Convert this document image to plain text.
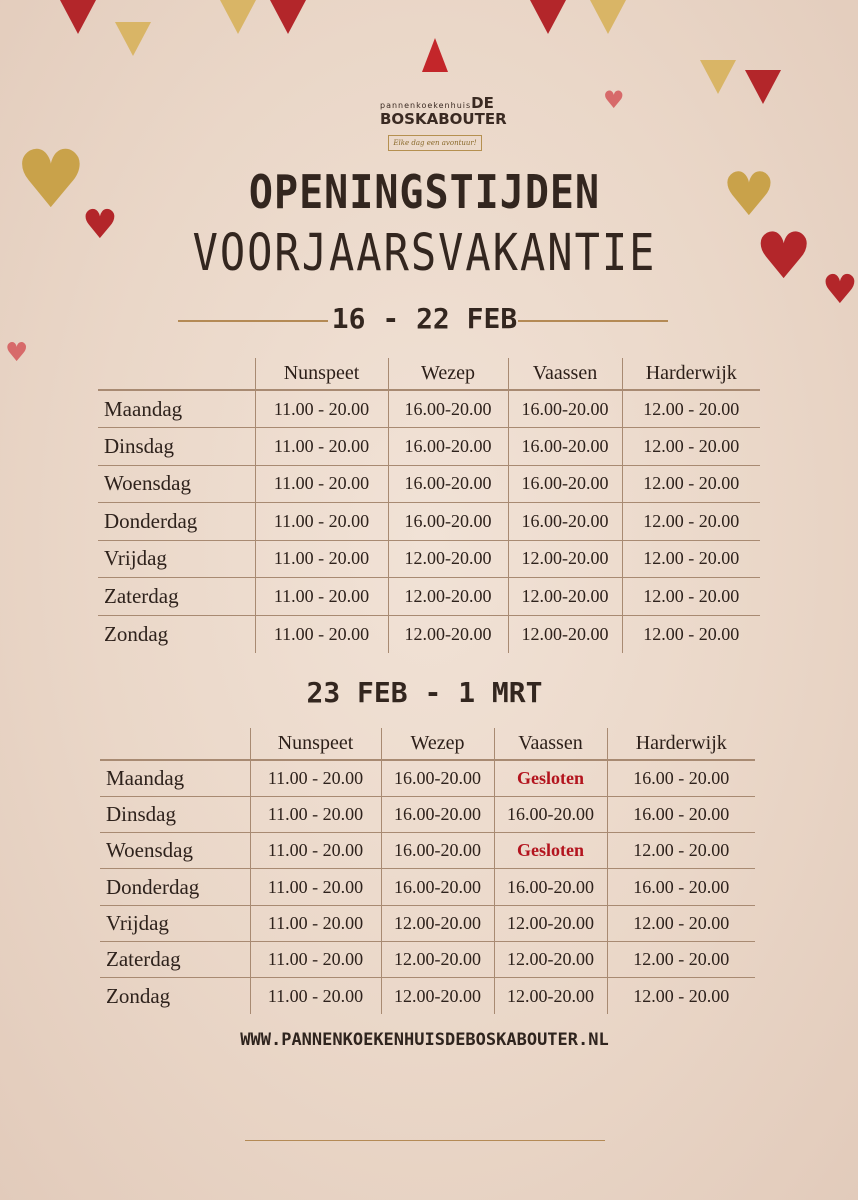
♥
♥	♥
♥ ♥
♥
♥
pannenkoekenhuisDE
BOSKABOUTER
Elke dag een avontuur!
OPENINGSTIJDEN
VOORJAARSVAKANTIE
16 - 22 FEB
	Nunspeet	Wezep	Vaassen	Harderwijk
Maandag	11.00 - 20.00	16.00-20.00	16.00-20.00	12.00 - 20.00
Dinsdag	11.00 - 20.00	16.00-20.00	16.00-20.00	12.00 - 20.00
Woensdag	11.00 - 20.00	16.00-20.00	16.00-20.00	12.00 - 20.00
Donderdag	11.00 - 20.00	16.00-20.00	16.00-20.00	12.00 - 20.00
Vrijdag	11.00 - 20.00	12.00-20.00	12.00-20.00	12.00 - 20.00
Zaterdag	11.00 - 20.00	12.00-20.00	12.00-20.00	12.00 - 20.00
Zondag	11.00 - 20.00	12.00-20.00	12.00-20.00	12.00 - 20.00
23 FEB - 1 MRT
	Nunspeet	Wezep	Vaassen	Harderwijk
Maandag	11.00 - 20.00	16.00-20.00	Gesloten	16.00 - 20.00
Dinsdag	11.00 - 20.00	16.00-20.00	16.00-20.00	16.00 - 20.00
Woensdag	11.00 - 20.00	16.00-20.00	Gesloten	12.00 - 20.00
Donderdag	11.00 - 20.00	16.00-20.00	16.00-20.00	16.00 - 20.00
Vrijdag	11.00 - 20.00	12.00-20.00	12.00-20.00	12.00 - 20.00
Zaterdag	11.00 - 20.00	12.00-20.00	12.00-20.00	12.00 - 20.00
Zondag	11.00 - 20.00	12.00-20.00	12.00-20.00	12.00 - 20.00
WWW.PANNENKOEKENHUISDEBOSKABOUTER.NL
